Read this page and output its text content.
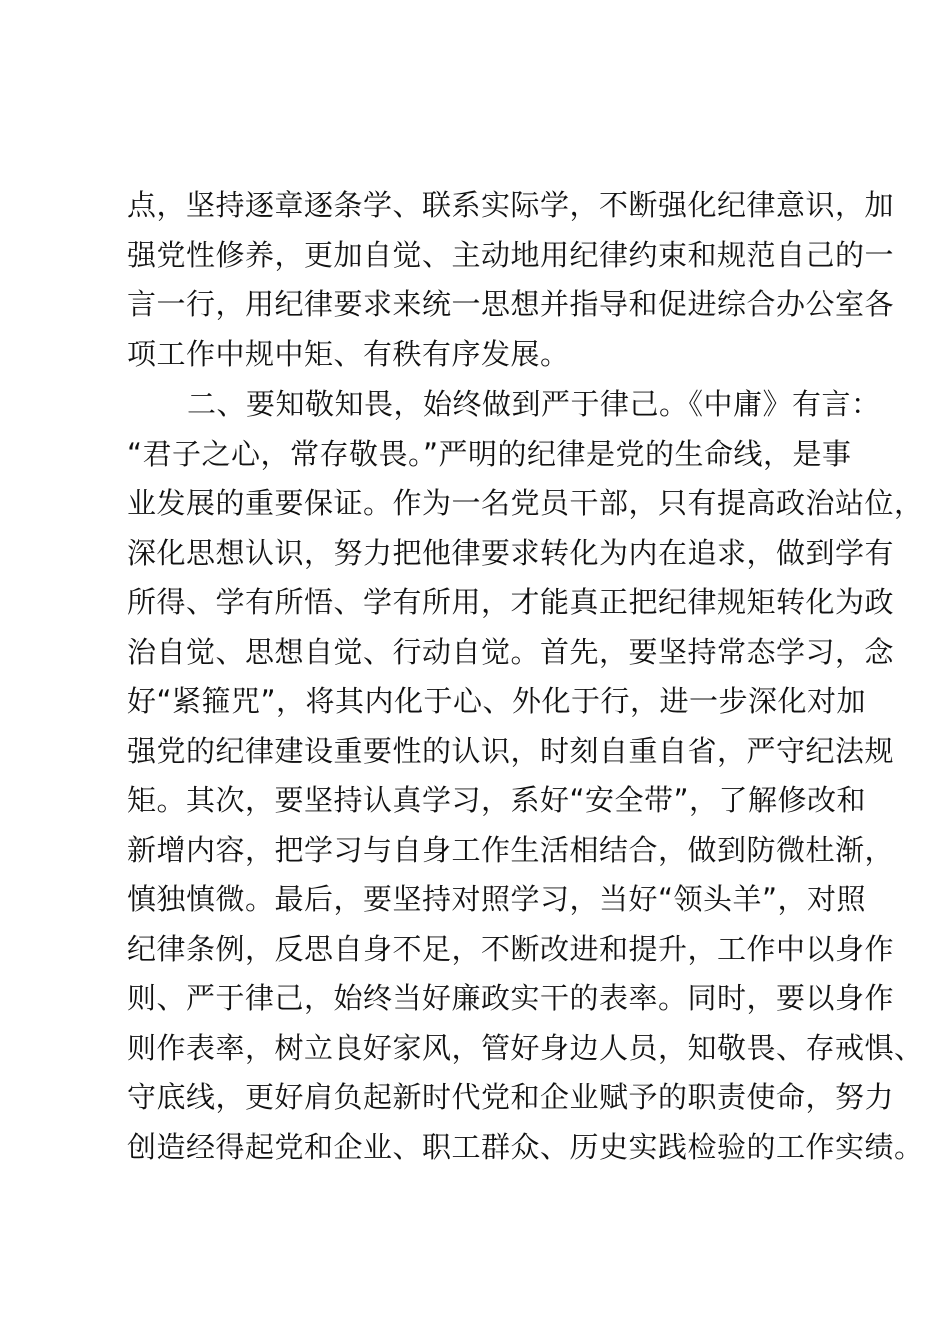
点，坚持逐章逐条学、联系实际学，不断强化纪律意识，加
强党性修养，更加自觉、主动地用纪律约束和规范自己的一
言一行，用纪律要求来统一思想并指导和促进综合办公室各
项工作中规中矩、有秩有序发展。
二、要知敬知畏，始终做到严于律己。《中庸》有言：
“君子之心，常存敬畏。”严明的纪律是党的生命线，是事
业发展的重要保证。作为一名党员干部，只有提高政治站位，
深化思想认识，努力把他律要求转化为内在追求，做到学有
所得、学有所悟、学有所用，才能真正把纪律规矩转化为政
治自觉、思想自觉、行动自觉。首先，要坚持常态学习，念
好“紧箍咒”，将其内化于心、外化于行，进一步深化对加
强党的纪律建设重要性的认识，时刻自重自省，严守纪法规
矩。其次，要坚持认真学习，系好“安全带”，了解修改和
新增内容，把学习与自身工作生活相结合，做到防微杜渐，
慎独慎微。最后，要坚持对照学习，当好“领头羊”，对照
纪律条例，反思自身不足，不断改进和提升，工作中以身作
则、严于律己，始终当好廉政实干的表率。同时，要以身作
则作表率，树立良好家风，管好身边人员，知敬畏、存戒惧、
守底线，更好肩负起新时代党和企业赋予的职责使命，努力
创造经得起党和企业、职工群众、历史实践检验的工作实绩。
